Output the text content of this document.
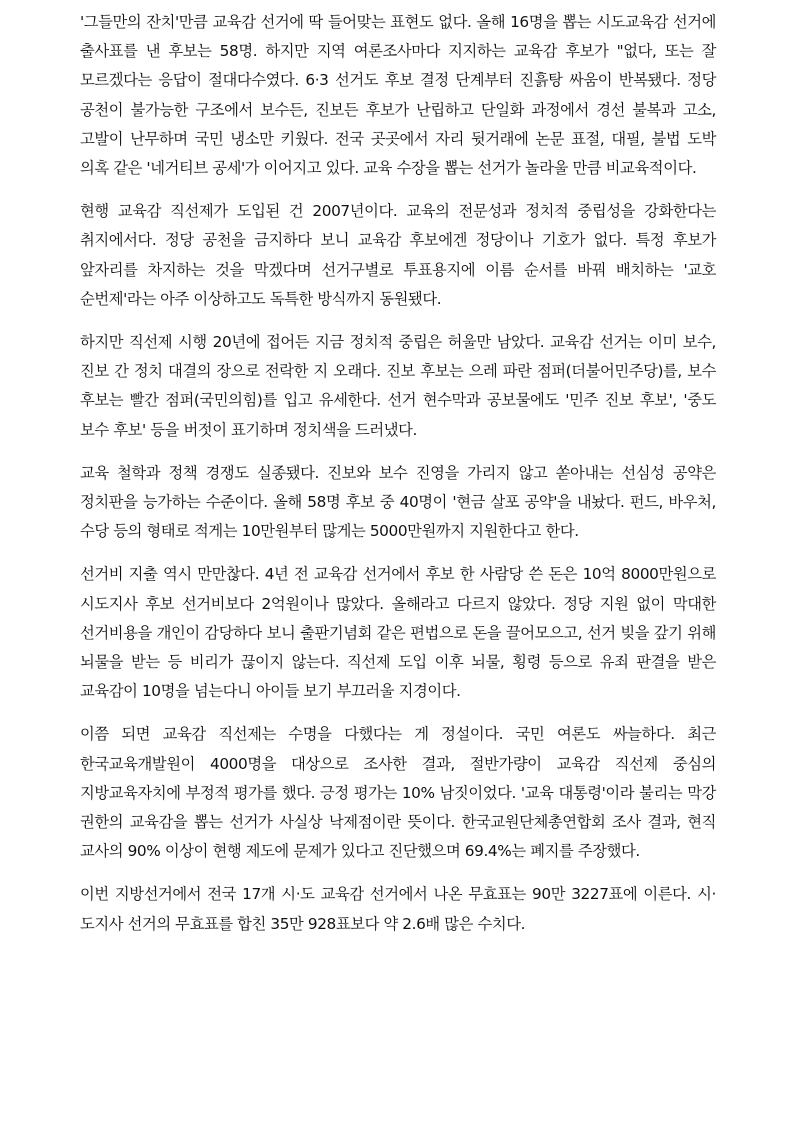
'그들만의 잔치'만큼 교육감 선거에 딱 들어맞는 표현도 없다. 올해 16명을 뽑는 시도교육감 선거에 출사표를 낸 후보는 58명. 하지만 지역 여론조사마다 지지하는 교육감 후보가 "없다, 또는 잘 모르겠다는 응답이 절대다수였다. 6·3 선거도 후보 결정 단계부터 진흙탕 싸움이 반복됐다. 정당 공천이 불가능한 구조에서 보수든, 진보든 후보가 난립하고 단일화 과정에서 경선 불복과 고소, 고발이 난무하며 국민 냉소만 키웠다. 전국 곳곳에서 자리 뒷거래에 논문 표절, 대필, 불법 도박 의혹 같은 '네거티브 공세'가 이어지고 있다. 교육 수장을 뽑는 선거가 놀라울 만큼 비교육적이다.

현행 교육감 직선제가 도입된 건 2007년이다. 교육의 전문성과 정치적 중립성을 강화한다는 취지에서다. 정당 공천을 금지하다 보니 교육감 후보에겐 정당이나 기호가 없다. 특정 후보가 앞자리를 차지하는 것을 막겠다며 선거구별로 투표용지에 이름 순서를 바꿔 배치하는 '교호 순번제'라는 아주 이상하고도 독특한 방식까지 동원됐다.

하지만 직선제 시행 20년에 접어든 지금 정치적 중립은 허울만 남았다. 교육감 선거는 이미 보수, 진보 간 정치 대결의 장으로 전락한 지 오래다. 진보 후보는 으레 파란 점퍼(더불어민주당)를, 보수 후보는 빨간 점퍼(국민의힘)를 입고 유세한다. 선거 현수막과 공보물에도 '민주 진보 후보', '중도 보수 후보' 등을 버젓이 표기하며 정치색을 드러냈다.

교육 철학과 정책 경쟁도 실종됐다. 진보와 보수 진영을 가리지 않고 쏟아내는 선심성 공약은 정치판을 능가하는 수준이다. 올해 58명 후보 중 40명이 '현금 살포 공약'을 내놨다. 펀드, 바우처, 수당 등의 형태로 적게는 10만원부터 많게는 5000만원까지 지원한다고 한다.

선거비 지출 역시 만만찮다. 4년 전 교육감 선거에서 후보 한 사람당 쓴 돈은 10억 8000만원으로 시도지사 후보 선거비보다 2억원이나 많았다. 올해라고 다르지 않았다. 정당 지원 없이 막대한 선거비용을 개인이 감당하다 보니 출판기념회 같은 편법으로 돈을 끌어모으고, 선거 빚을 갚기 위해 뇌물을 받는 등 비리가 끊이지 않는다. 직선제 도입 이후 뇌물, 횡령 등으로 유죄 판결을 받은 교육감이 10명을 넘는다니 아이들 보기 부끄러울 지경이다.

이쯤 되면 교육감 직선제는 수명을 다했다는 게 정설이다. 국민 여론도 싸늘하다. 최근 한국교육개발원이 4000명을 대상으로 조사한 결과, 절반가량이 교육감 직선제 중심의 지방교육자치에 부정적 평가를 했다. 긍정 평가는 10% 남짓이었다. '교육 대통령'이라 불리는 막강 권한의 교육감을 뽑는 선거가 사실상 낙제점이란 뜻이다. 한국교원단체총연합회 조사 결과, 현직 교사의 90% 이상이 현행 제도에 문제가 있다고 진단했으며 69.4%는 폐지를 주장했다.

이번 지방선거에서 전국 17개 시·도 교육감 선거에서 나온 무효표는 90만 3227표에 이른다. 시·도지사 선거의 무효표를 합친 35만 928표보다 약 2.6배 많은 수치다.
